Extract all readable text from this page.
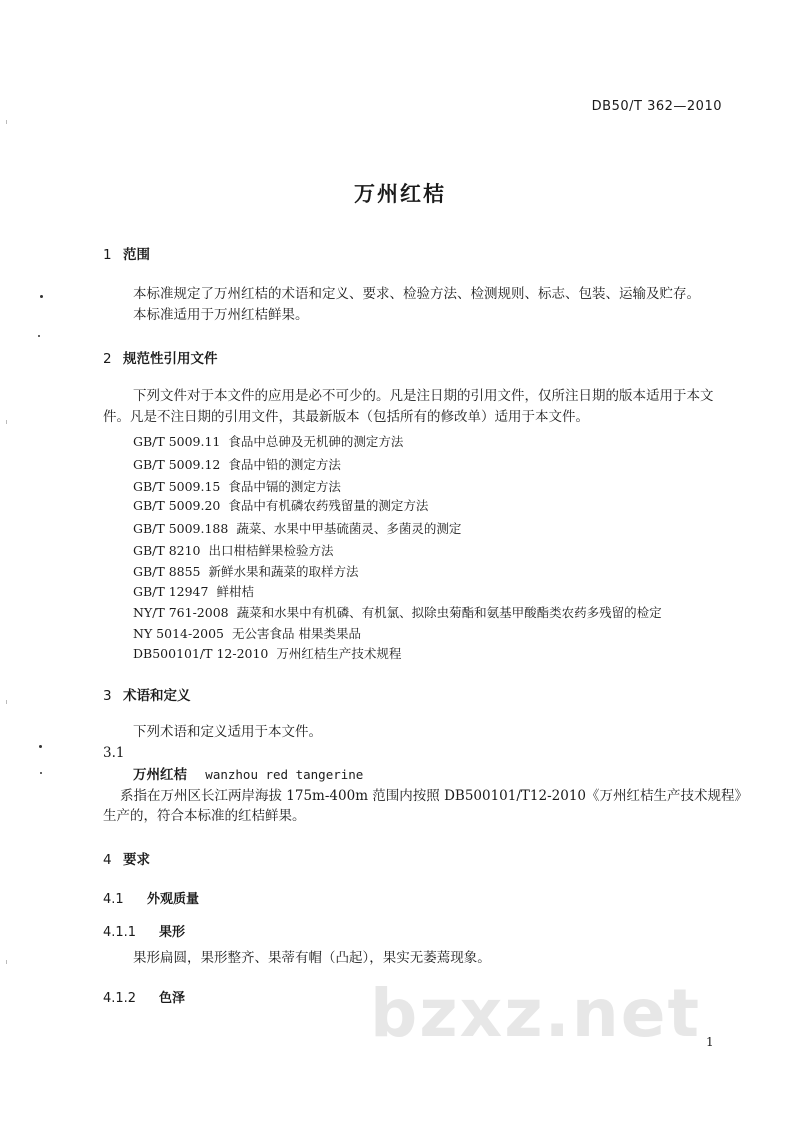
DB50/T 362—2010
万州红桔
1 范围
本标准规定了万州红桔的术语和定义、要求、检验方法、检测规则、标志、包装、运输及贮存。
本标准适用于万州红桔鲜果。
2 规范性引用文件
下列文件对于本文件的应用是必不可少的。凡是注日期的引用文件，仅所注日期的版本适用于本文
件。凡是不注日期的引用文件，其最新版本（包括所有的修改单）适用于本文件。
GB/T 5009.11 食品中总砷及无机砷的测定方法
GB/T 5009.12 食品中铅的测定方法
GB/T 5009.15 食品中镉的测定方法
GB/T 5009.20 食品中有机磷农药残留量的测定方法
GB/T 5009.188 蔬菜、水果中甲基硫菌灵、多菌灵的测定
GB/T 8210 出口柑桔鲜果检验方法
GB/T 8855 新鲜水果和蔬菜的取样方法
GB/T 12947 鲜柑桔
NY/T 761-2008 蔬菜和水果中有机磷、有机氯、拟除虫菊酯和氨基甲酸酯类农药多残留的检定
NY 5014-2005 无公害食品 柑果类果品
DB500101/T 12-2010 万州红桔生产技术规程
3 术语和定义
下列术语和定义适用于本文件。
3.1
万州红桔 wanzhou red tangerine
系指在万州区长江两岸海拔 175m-400m 范围内按照 DB500101/T12-2010《万州红桔生产技术规程》
生产的，符合本标准的红桔鲜果。
4 要求
4.1 外观质量
4.1.1 果形
果形扁圆，果形整齐、果蒂有帽（凸起），果实无萎蔫现象。
4.1.2 色泽	bzxz.net 1
